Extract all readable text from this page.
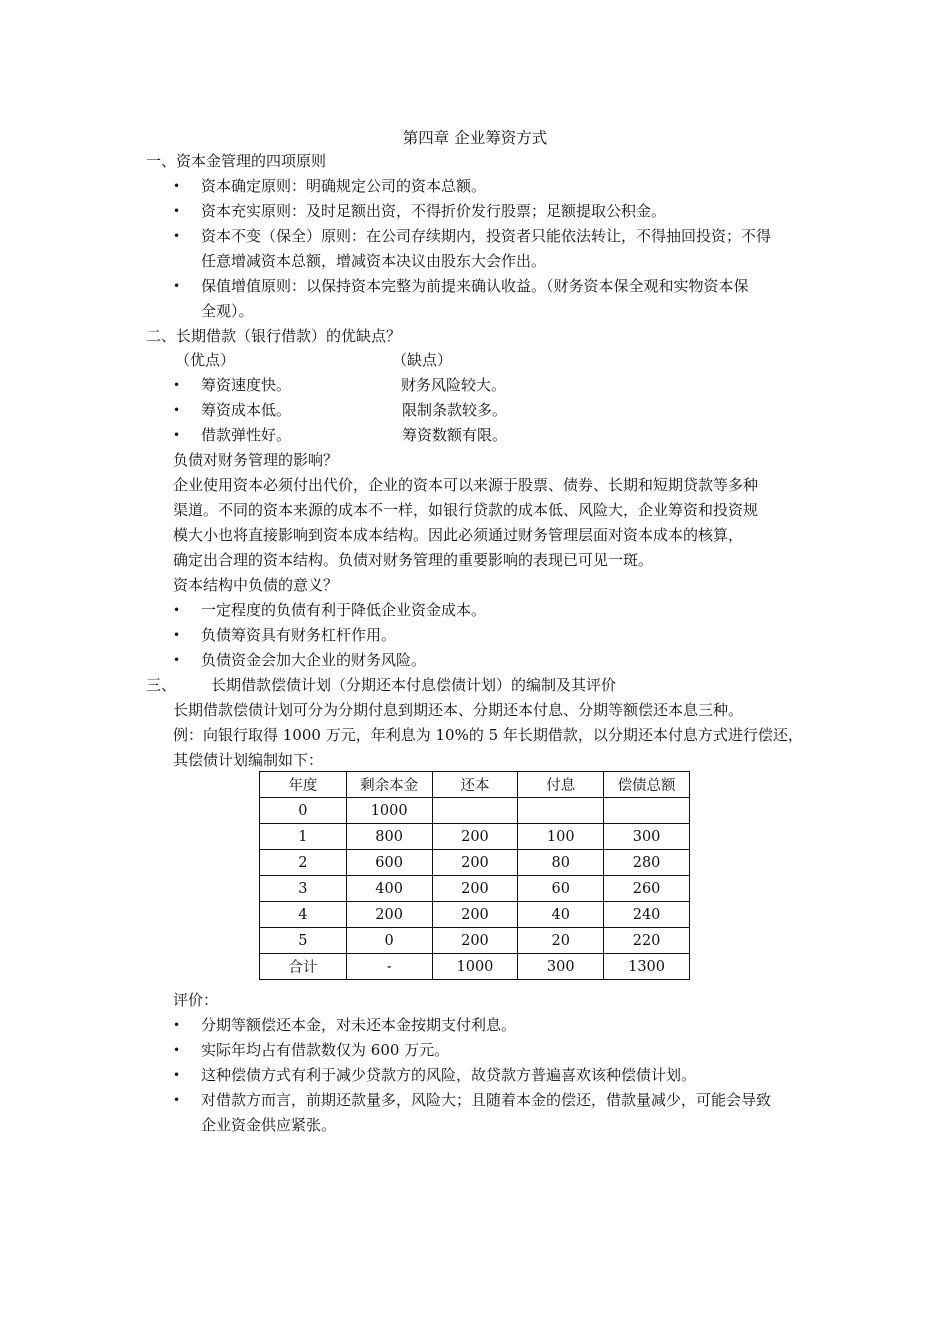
第四章 企业筹资方式
一、资本金管理的四项原则
• 资本确定原则：明确规定公司的资本总额。
• 资本充实原则：及时足额出资，不得折价发行股票；足额提取公积金。
• 资本不变（保全）原则：在公司存续期内，投资者只能依法转让，不得抽回投资；不得
任意增减资本总额，增减资本决议由股东大会作出。
• 保值增值原则：以保持资本完整为前提来确认收益。（财务资本保全观和实物资本保
全观）。
二、长期借款（银行借款）的优缺点？
（优点）	（缺点）
• 筹资速度快。	财务风险较大。
• 筹资成本低。	限制条款较多。
• 借款弹性好。	筹资数额有限。
负债对财务管理的影响？
企业使用资本必须付出代价，企业的资本可以来源于股票、债券、长期和短期贷款等多种
渠道。不同的资本来源的成本不一样，如银行贷款的成本低、风险大，企业筹资和投资规
模大小也将直接影响到资本成本结构。因此必须通过财务管理层面对资本成本的核算，
确定出合理的资本结构。负债对财务管理的重要影响的表现已可见一斑。
资本结构中负债的意义？
• 一定程度的负债有利于降低企业资金成本。
• 负债筹资具有财务杠杆作用。
• 负债资金会加大企业的财务风险。
三、 长期借款偿债计划（分期还本付息偿债计划）的编制及其评价
长期借款偿债计划可分为分期付息到期还本、分期还本付息、分期等额偿还本息三种。
例：向银行取得 1000 万元，年利息为 10%的 5 年长期借款，以分期还本付息方式进行偿还，
其偿债计划编制如下：
年度	剩余本金	还本	付息	偿债总额
0	1000			
1	800	200	100	300
2	600	200	80	280
3	400	200	60	260
4	200	200	40	240
5	0	200	20	220
合计	-	1000	300	1300
评价：
• 分期等额偿还本金，对未还本金按期支付利息。
• 实际年均占有借款数仅为 600 万元。
• 这种偿债方式有利于减少贷款方的风险，故贷款方普遍喜欢该种偿债计划。
• 对借款方而言，前期还款量多，风险大；且随着本金的偿还，借款量减少，可能会导致
企业资金供应紧张。
